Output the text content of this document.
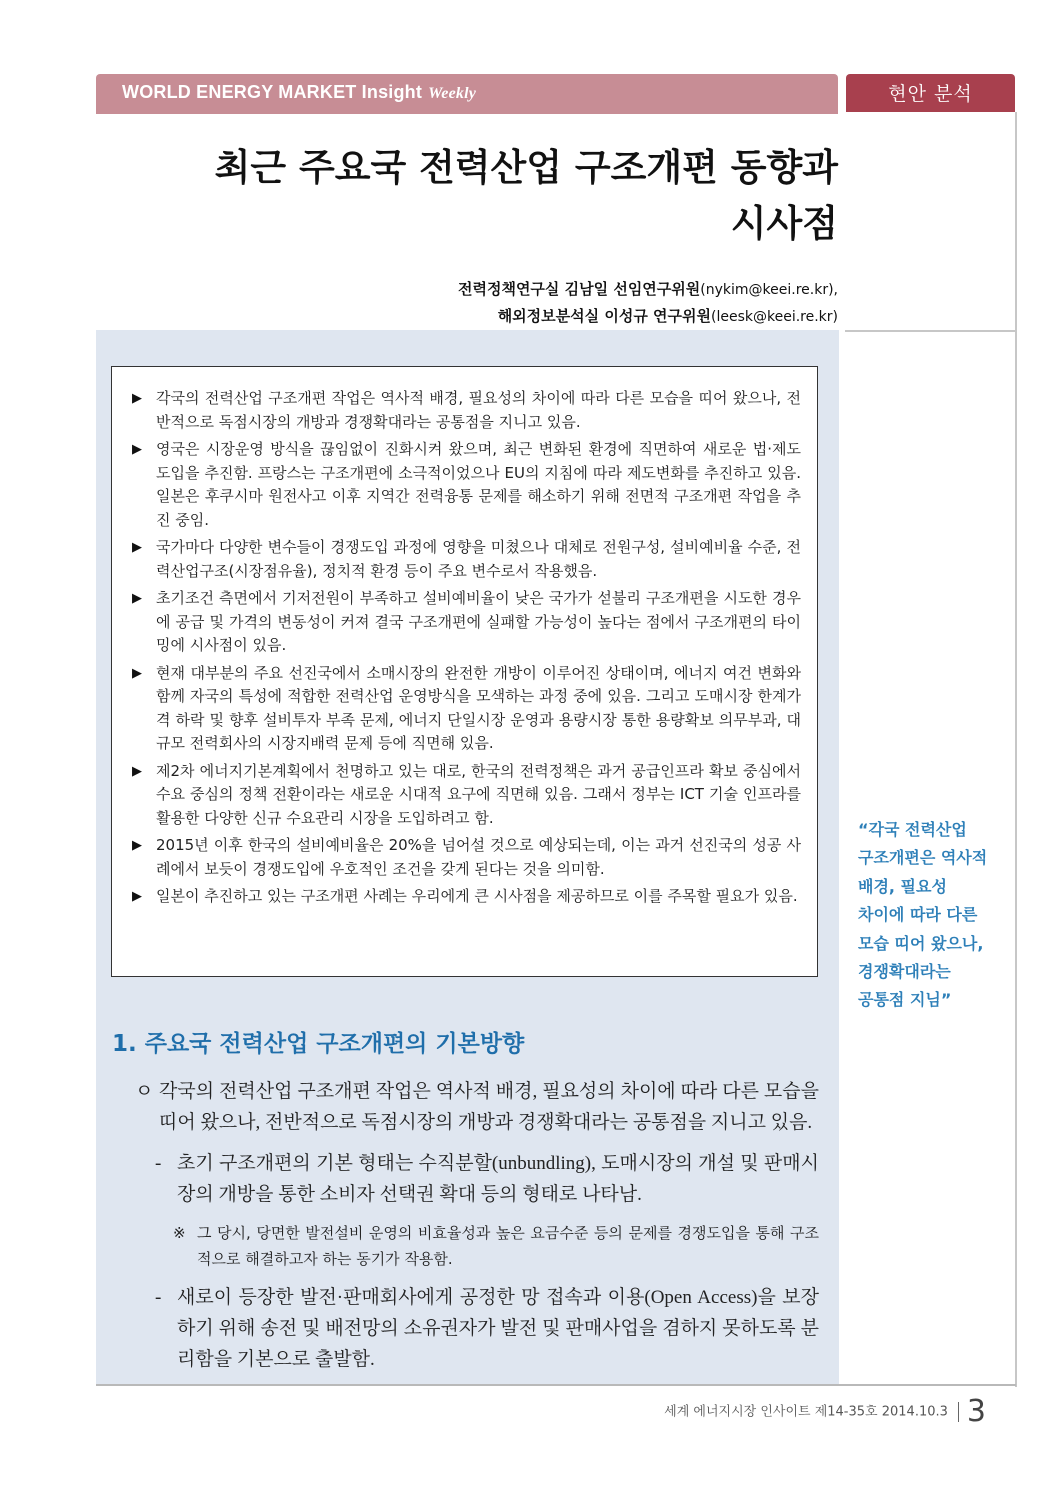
WORLD ENERGY MARKET Insight Weekly	현안 분석
최근 주요국 전력산업 구조개편 동향과
시사점
전력정책연구실 김남일 선임연구위원(nykim@keei.re.kr),
해외정보분석실 이성규 연구위원(leesk@keei.re.kr)
▶ 각국의 전력산업 구조개편 작업은 역사적 배경, 필요성의 차이에 따라 다른 모습을 띠어 왔으나, 전반적으로 독점시장의 개방과 경쟁확대라는 공통점을 지니고 있음.
▶ 영국은 시장운영 방식을 끊임없이 진화시켜 왔으며, 최근 변화된 환경에 직면하여 새로운 법·제도 도입을 추진함. 프랑스는 구조개편에 소극적이었으나 EU의 지침에 따라 제도변화를 추진하고 있음. 일본은 후쿠시마 원전사고 이후 지역간 전력융통 문제를 해소하기 위해 전면적 구조개편 작업을 추진 중임.
▶ 국가마다 다양한 변수들이 경쟁도입 과정에 영향을 미쳤으나 대체로 전원구성, 설비예비율 수준, 전력산업구조(시장점유율), 정치적 환경 등이 주요 변수로서 작용했음.
▶ 초기조건 측면에서 기저전원이 부족하고 설비예비율이 낮은 국가가 섣불리 구조개편을 시도한 경우에 공급 및 가격의 변동성이 커져 결국 구조개편에 실패할 가능성이 높다는 점에서 구조개편의 타이밍에 시사점이 있음.
▶ 현재 대부분의 주요 선진국에서 소매시장의 완전한 개방이 이루어진 상태이며, 에너지 여건 변화와 함께 자국의 특성에 적합한 전력산업 운영방식을 모색하는 과정 중에 있음. 그리고 도매시장 한계가격 하락 및 향후 설비투자 부족 문제, 에너지 단일시장 운영과 용량시장 통한 용량확보 의무부과, 대규모 전력회사의 시장지배력 문제 등에 직면해 있음.
▶ 제2차 에너지기본계획에서 천명하고 있는 대로, 한국의 전력정책은 과거 공급인프라 확보 중심에서 수요 중심의 정책 전환이라는 새로운 시대적 요구에 직면해 있음. 그래서 정부는 ICT 기술 인프라를 활용한 다양한 신규 수요관리 시장을 도입하려고 함.
▶ 2015년 이후 한국의 설비예비율은 20%을 넘어설 것으로 예상되는데, 이는 과거 선진국의 성공 사례에서 보듯이 경쟁도입에 우호적인 조건을 갖게 된다는 것을 의미함.
▶ 일본이 추진하고 있는 구조개편 사례는 우리에게 큰 시사점을 제공하므로 이를 주목할 필요가 있음.
“각국 전력산업
구조개편은 역사적
배경, 필요성
차이에 따라 다른
모습 띠어 왔으나,
경쟁확대라는
공통점 지님”
1. 주요국 전력산업 구조개편의 기본방향
ㅇ 각국의 전력산업 구조개편 작업은 역사적 배경, 필요성의 차이에 따라 다른 모습을 띠어 왔으나, 전반적으로 독점시장의 개방과 경쟁확대라는 공통점을 지니고 있음.
- 초기 구조개편의 기본 형태는 수직분할(unbundling), 도매시장의 개설 및 판매시장의 개방을 통한 소비자 선택권 확대 등의 형태로 나타남.
※ 그 당시, 당면한 발전설비 운영의 비효율성과 높은 요금수준 등의 문제를 경쟁도입을 통해 구조적으로 해결하고자 하는 동기가 작용함.
- 새로이 등장한 발전·판매회사에게 공정한 망 접속과 이용(Open Access)을 보장하기 위해 송전 및 배전망의 소유권자가 발전 및 판매사업을 겸하지 못하도록 분리함을 기본으로 출발함.
세계 에너지시장 인사이트 제14-35호 2014.10.3 3
